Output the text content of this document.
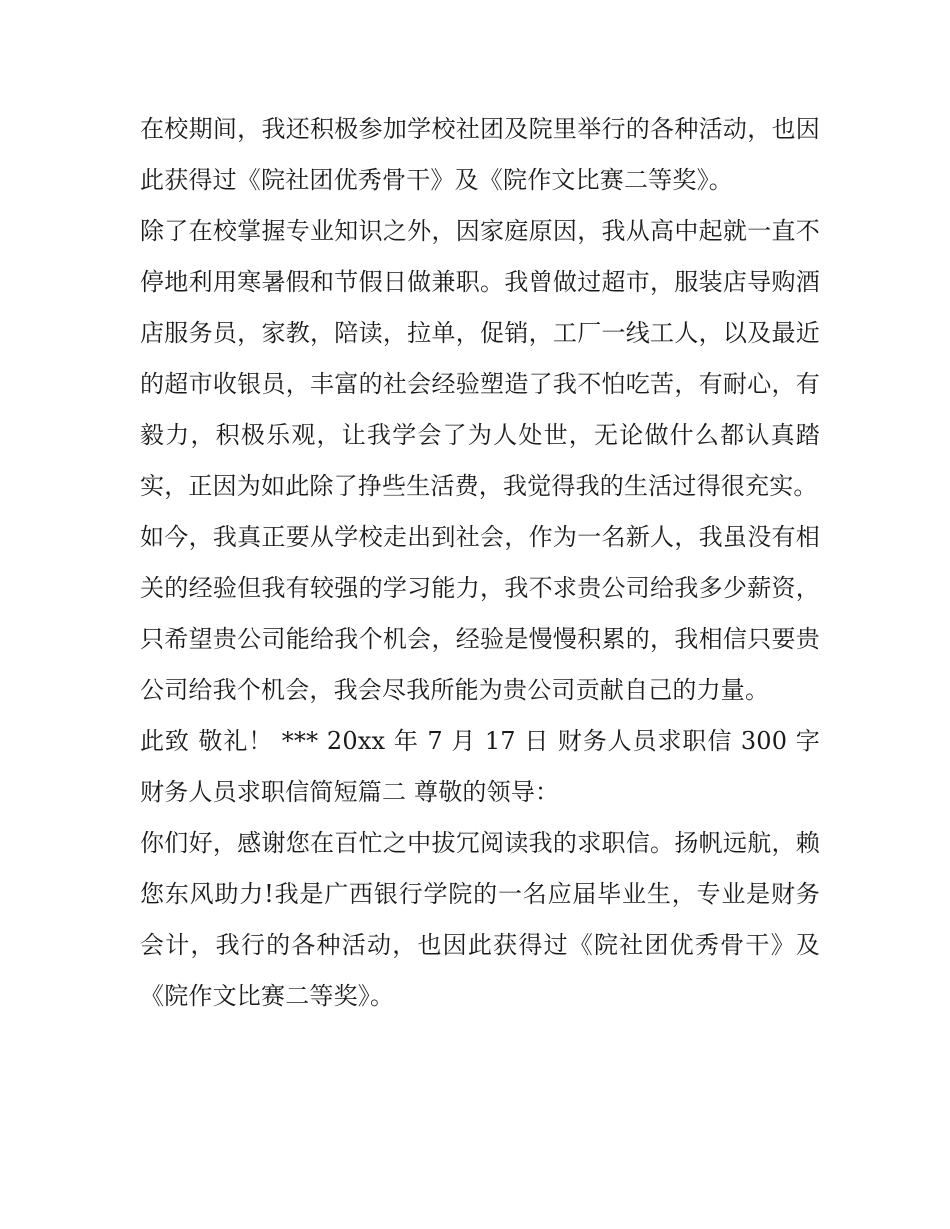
在校期间，我还积极参加学校社团及院里举行的各种活动，也因此获得过《院社团优秀骨干》及《院作文比赛二等奖》。

除了在校掌握专业知识之外，因家庭原因，我从高中起就一直不停地利用寒暑假和节假日做兼职。我曾做过超市，服装店导购酒店服务员，家教，陪读，拉单，促销，工厂一线工人，以及最近的超市收银员，丰富的社会经验塑造了我不怕吃苦，有耐心，有毅力，积极乐观，让我学会了为人处世，无论做什么都认真踏实，正因为如此除了挣些生活费，我觉得我的生活过得很充实。

如今，我真正要从学校走出到社会，作为一名新人，我虽没有相关的经验但我有较强的学习能力，我不求贵公司给我多少薪资，只希望贵公司能给我个机会，经验是慢慢积累的，我相信只要贵公司给我个机会，我会尽我所能为贵公司贡献自己的力量。

此致 敬礼！ *** 20xx 年 7 月 17 日 财务人员求职信 300 字 财务人员求职信简短篇二 尊敬的领导：

你们好，感谢您在百忙之中拔冗阅读我的求职信。扬帆远航，赖您东风助力!我是广西银行学院的一名应届毕业生，专业是财务会计，我行的各种活动，也因此获得过《院社团优秀骨干》及《院作文比赛二等奖》。
